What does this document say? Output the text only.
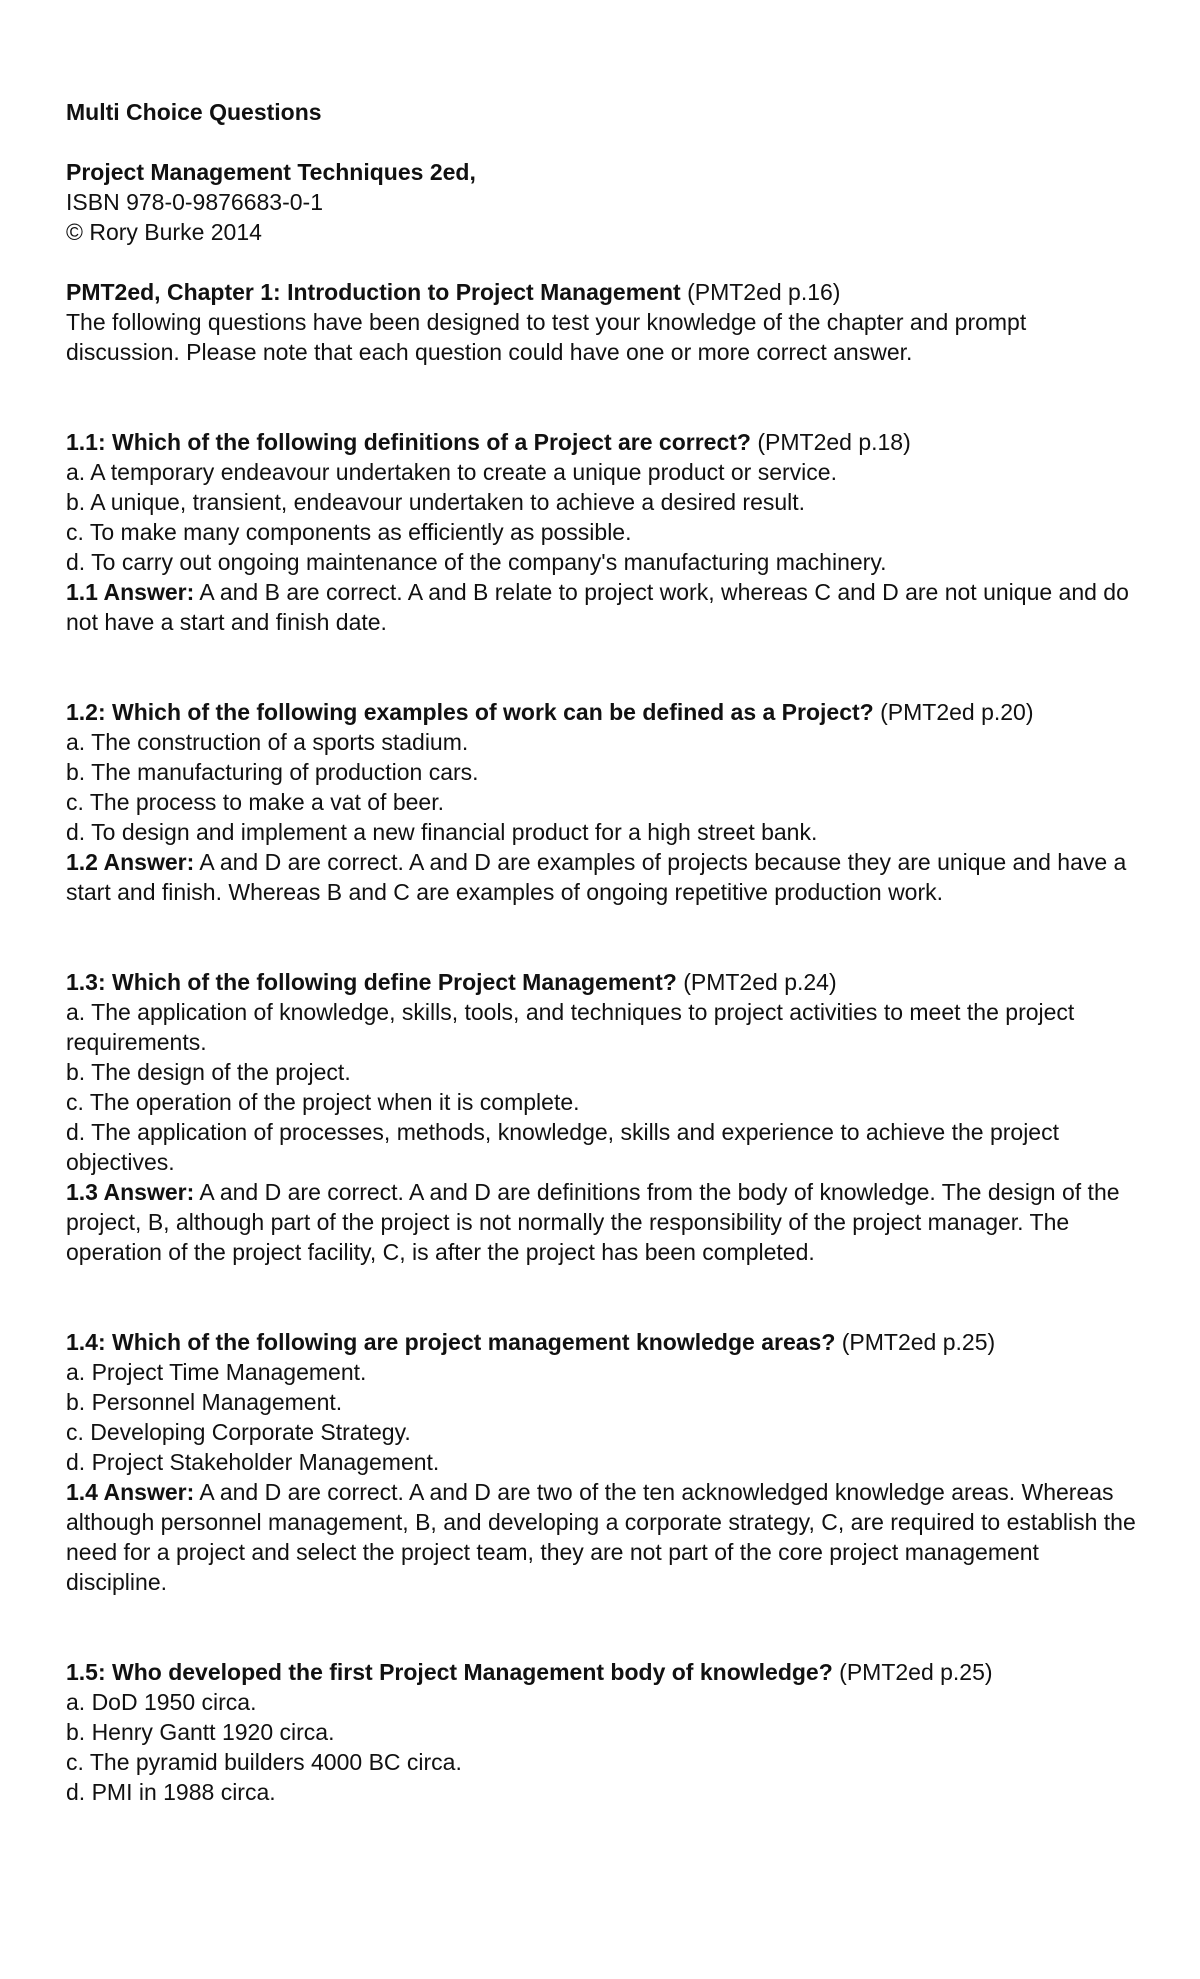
Multi Choice Questions
Project Management Techniques 2ed,
ISBN 978-0-9876683-0-1
© Rory Burke 2014
PMT2ed, Chapter 1: Introduction to Project Management (PMT2ed p.16)
The following questions have been designed to test your knowledge of the chapter and prompt discussion. Please note that each question could have one or more correct answer.
1.1: Which of the following definitions of a Project are correct? (PMT2ed p.18)
a. A temporary endeavour undertaken to create a unique product or service.
b. A unique, transient, endeavour undertaken to achieve a desired result.
c. To make many components as efficiently as possible.
d. To carry out ongoing maintenance of the company's manufacturing machinery.
1.1 Answer: A and B are correct. A and B relate to project work, whereas C and D are not unique and do not have a start and finish date.
1.2: Which of the following examples of work can be defined as a Project? (PMT2ed p.20)
a. The construction of a sports stadium.
b. The manufacturing of production cars.
c. The process to make a vat of beer.
d. To design and implement a new financial product for a high street bank.
1.2 Answer: A and D are correct. A and D are examples of projects because they are unique and have a start and finish. Whereas B and C are examples of ongoing repetitive production work.
1.3: Which of the following define Project Management? (PMT2ed p.24)
a. The application of knowledge, skills, tools, and techniques to project activities to meet the project requirements.
b. The design of the project.
c. The operation of the project when it is complete.
d. The application of processes, methods, knowledge, skills and experience to achieve the project objectives.
1.3 Answer: A and D are correct. A and D are definitions from the body of knowledge. The design of the project, B, although part of the project is not normally the responsibility of the project manager. The operation of the project facility, C, is after the project has been completed.
1.4: Which of the following are project management knowledge areas? (PMT2ed p.25)
a. Project Time Management.
b. Personnel Management.
c. Developing Corporate Strategy.
d. Project Stakeholder Management.
1.4 Answer: A and D are correct. A and D are two of the ten acknowledged knowledge areas. Whereas although personnel management, B, and developing a corporate strategy, C, are required to establish the need for a project and select the project team, they are not part of the core project management discipline.
1.5: Who developed the first Project Management body of knowledge? (PMT2ed p.25)
a. DoD 1950 circa.
b. Henry Gantt 1920 circa.
c. The pyramid builders 4000 BC circa.
d. PMI in 1988 circa.
